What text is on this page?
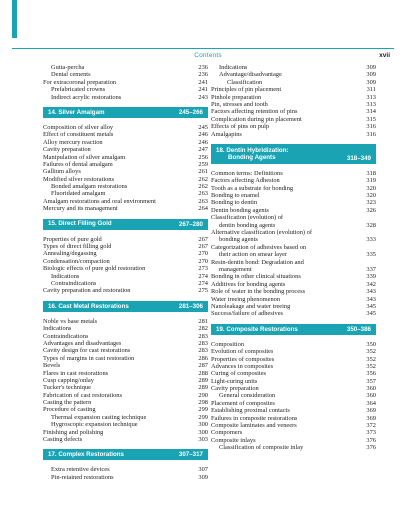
Contents	xvii
Gutta-percha	236
Dental cements	236
For extracoronal preparation	241
Prefabricated crowns	241
Indirect acrylic restorations	243
14. Silver Amalgam	245–266
Composition of silver alloy	245
Effect of constituent metals	246
Alloy mercury reaction	246
Cavity preparation	247
Manipulation of silver amalgam	256
Failures of dental amalgam	259
Gallium alloys	261
Modified silver restorations	262
Bonded amalgam restorations	262
Fluoridated amalgam	263
Amalgam restorations and oral environment	263
Mercury and its management	264
15. Direct Filling Gold	267–280
Properties of pure gold	267
Types of direct filling gold	267
Annealing/degassing	270
Condensation/compaction	270
Biologic effects of pure gold restoration	273
Indications	274
Contraindications	274
Cavity preparation and restoration	275
16. Cast Metal Restorations	281–306
Noble vs base metals	281
Indications	282
Contraindications	283
Advantages and disadvantages	283
Cavity design for cast restorations	283
Types of margins in cast restoration	286
Bevels	287
Flares in cast restorations	288
Cusp capping/onlay	289
Tucker's technique	289
Fabrication of cast restorations	290
Casting the pattern	298
Procedure of casting	299
Thermal expansion casting technique	299
Hygroscopic expansion technique	300
Finishing and polishing	300
Casting defects	303
17. Complex Restorations	307–317
Extra retentive devices	307
Pin-retained restorations	309
Indications	309
Advantage/disadvantage	309
Classification	309
Principles of pin placement	311
Pinhole preparation	313
Pin, stresses and tooth	313
Factors affecting retention of pins	314
Complication during pin placement	315
Effects of pins on pulp	316
Amalgapins	316
18. Dentin Hybridization:
Bonding Agents	318–349
Common terms: Definitions	318
Factors affecting Adhesion	319
Tooth as a substrate for bonding	320
Bonding to enamel	320
Bonding to dentin	323
Dentin bonding agents	326
Classification (evolution) of
dentin bonding agents	328
Alternative classification (evolution) of
bonding agents	333
Categorization of adhesives based on
their action on smear layer	335
Resin-dentin bond: Degradation and
management	337
Bonding in other clinical situations	339
Additives for bonding agents	342
Role of water in the bonding process	343
Water treeing phenomenon	343
Nanoleakage and water treeing	345
Success/failure of adhesives	345
19. Composite Restorations	350–386
Composition	350
Evolution of composites	352
Properties of composites	352
Advances in composites	352
Curing of composites	356
Light-curing units	357
Cavity preparation	360
General consideration	360
Placement of composites	364
Establishing proximal contacts	369
Failures in composite restorations	369
Composite laminates and veneers	372
Compomers	373
Composite inlays	376
Classification of composite inlay	376
